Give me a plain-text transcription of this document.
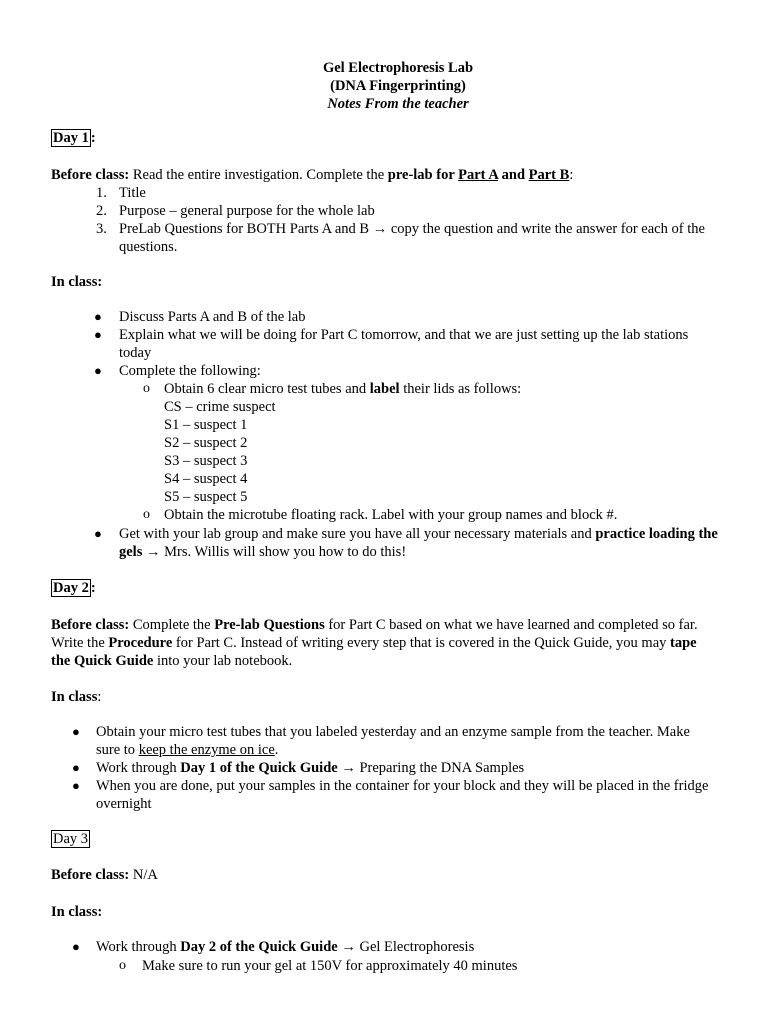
Gel Electrophoresis Lab
(DNA Fingerprinting)
Notes From the teacher
Day 1 :
Before class: Read the entire investigation. Complete the pre-lab for Part A and Part B:
1. Title
2. Purpose – general purpose for the whole lab
3. PreLab Questions for BOTH Parts A and B → copy the question and write the answer for each of the
questions.
In class:
● Discuss Parts A and B of the lab
● Explain what we will be doing for Part C tomorrow, and that we are just setting up the lab stations
today
● Complete the following:
o Obtain 6 clear micro test tubes and label their lids as follows:
CS – crime suspect
S1 – suspect 1
S2 – suspect 2
S3 – suspect 3
S4 – suspect 4
S5 – suspect 5
o Obtain the microtube floating rack. Label with your group names and block #.
● Get with your lab group and make sure you have all your necessary materials and practice loading the
gels → Mrs. Willis will show you how to do this!
Day 2 :
Before class: Complete the Pre-lab Questions for Part C based on what we have learned and completed so far.
Write the Procedure for Part C. Instead of writing every step that is covered in the Quick Guide, you may tape
the Quick Guide into your lab notebook.
In class:
● Obtain your micro test tubes that you labeled yesterday and an enzyme sample from the teacher. Make
sure to keep the enzyme on ice.
● Work through Day 1 of the Quick Guide → Preparing the DNA Samples
● When you are done, put your samples in the container for your block and they will be placed in the fridge
overnight
Day 3
Before class: N/A
In class:
● Work through Day 2 of the Quick Guide → Gel Electrophoresis
o Make sure to run your gel at 150V for approximately 40 minutes
